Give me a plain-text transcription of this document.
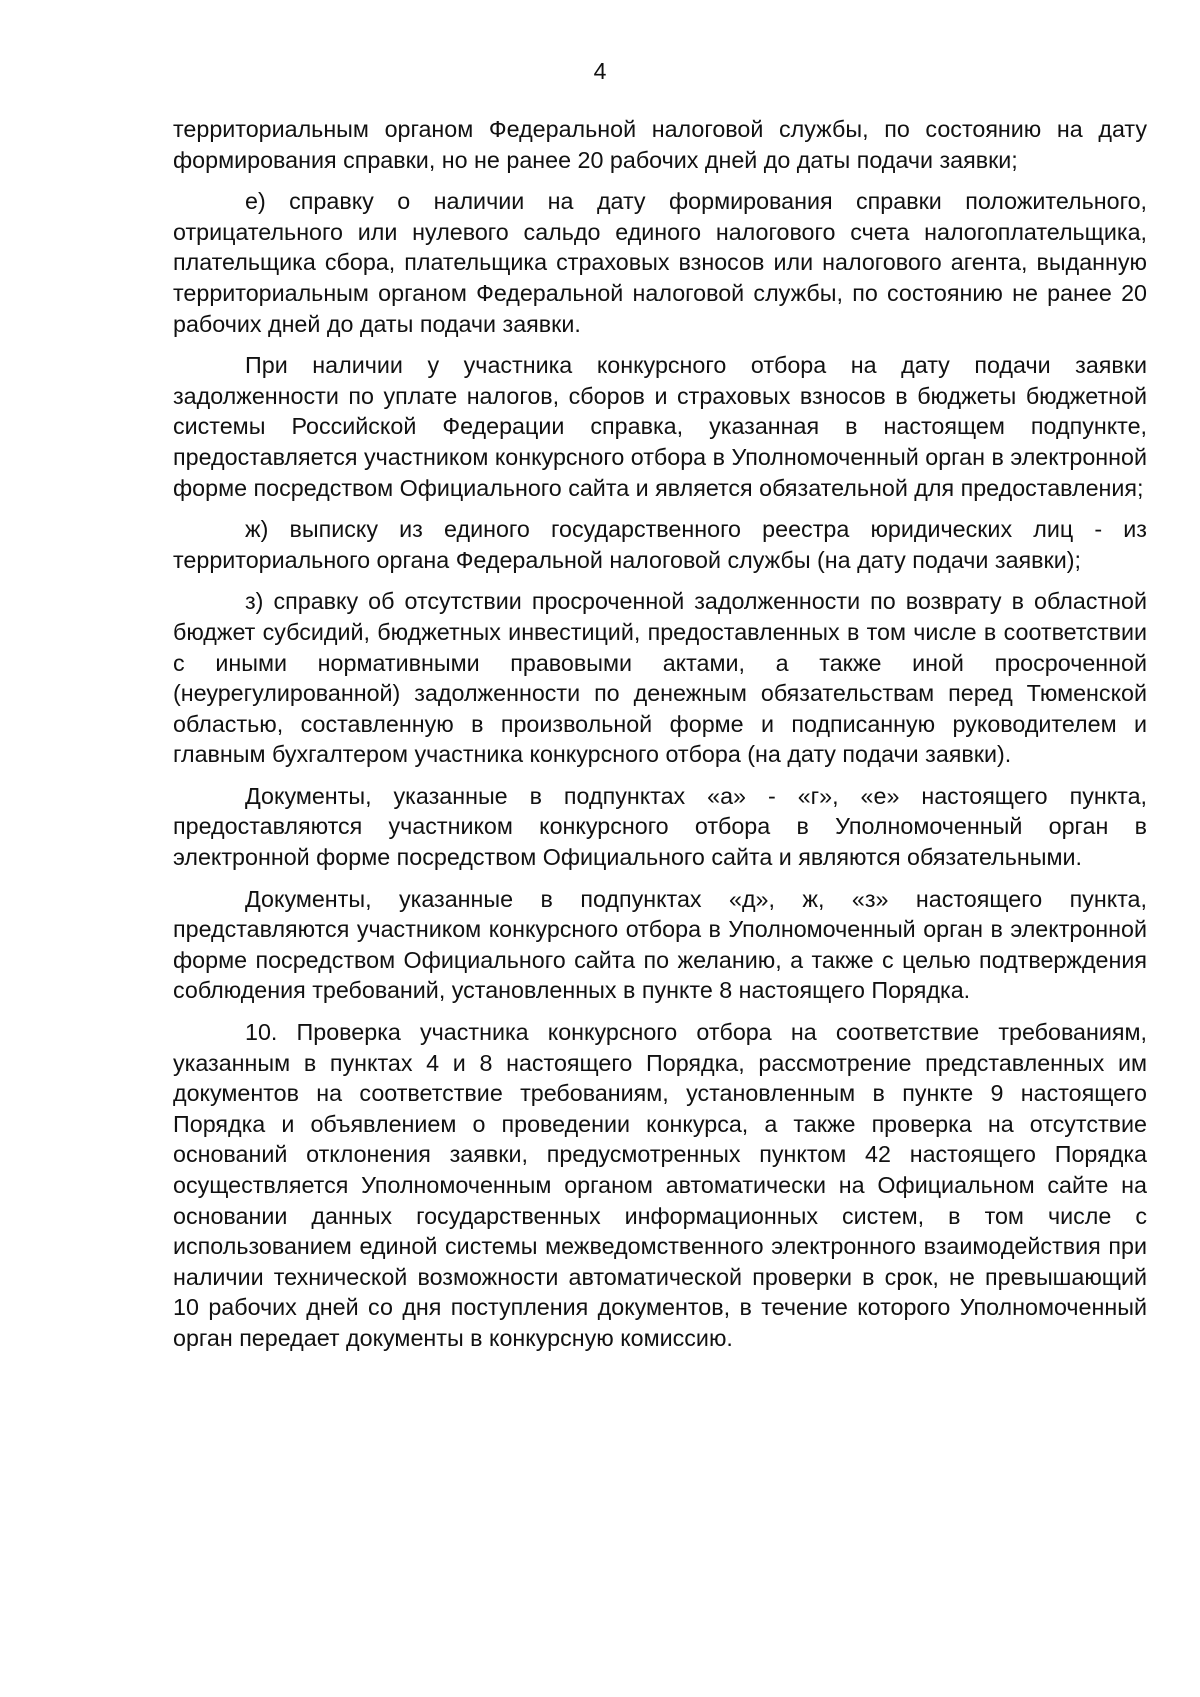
4

территориальным органом Федеральной налоговой службы, по состоянию на дату формирования справки, но не ранее 20 рабочих дней до даты подачи заявки;

е) справку о наличии на дату формирования справки положительного, отрицательного или нулевого сальдо единого налогового счета налогоплательщика, плательщика сбора, плательщика страховых взносов или налогового агента, выданную территориальным органом Федеральной налоговой службы, по состоянию не ранее 20 рабочих дней до даты подачи заявки.

При наличии у участника конкурсного отбора на дату подачи заявки задолженности по уплате налогов, сборов и страховых взносов в бюджеты бюджетной системы Российской Федерации справка, указанная в настоящем подпункте, предоставляется участником конкурсного отбора в Уполномоченный орган в электронной форме посредством Официального сайта и является обязательной для предоставления;

ж) выписку из единого государственного реестра юридических лиц - из территориального органа Федеральной налоговой службы (на дату подачи заявки);

з) справку об отсутствии просроченной задолженности по возврату в областной бюджет субсидий, бюджетных инвестиций, предоставленных в том числе в соответствии с иными нормативными правовыми актами, а также иной просроченной (неурегулированной) задолженности по денежным обязательствам перед Тюменской областью, составленную в произвольной форме и подписанную руководителем и главным бухгалтером участника конкурсного отбора (на дату подачи заявки).

Документы, указанные в подпунктах «а» - «г», «е» настоящего пункта, предоставляются участником конкурсного отбора в Уполномоченный орган в электронной форме посредством Официального сайта и являются обязательными.

Документы, указанные в подпунктах «д», ж, «з» настоящего пункта, представляются участником конкурсного отбора в Уполномоченный орган в электронной форме посредством Официального сайта по желанию, а также с целью подтверждения соблюдения требований, установленных в пункте 8 настоящего Порядка.

10. Проверка участника конкурсного отбора на соответствие требованиям, указанным в пунктах 4 и 8 настоящего Порядка, рассмотрение представленных им документов на соответствие требованиям, установленным в пункте 9 настоящего Порядка и объявлением о проведении конкурса, а также проверка на отсутствие оснований отклонения заявки, предусмотренных пунктом 42 настоящего Порядка осуществляется Уполномоченным органом автоматически на Официальном сайте на основании данных государственных информационных систем, в том числе с использованием единой системы межведомственного электронного взаимодействия при наличии технической возможности автоматической проверки в срок, не превышающий 10 рабочих дней со дня поступления документов, в течение которого Уполномоченный орган передает документы в конкурсную комиссию.
